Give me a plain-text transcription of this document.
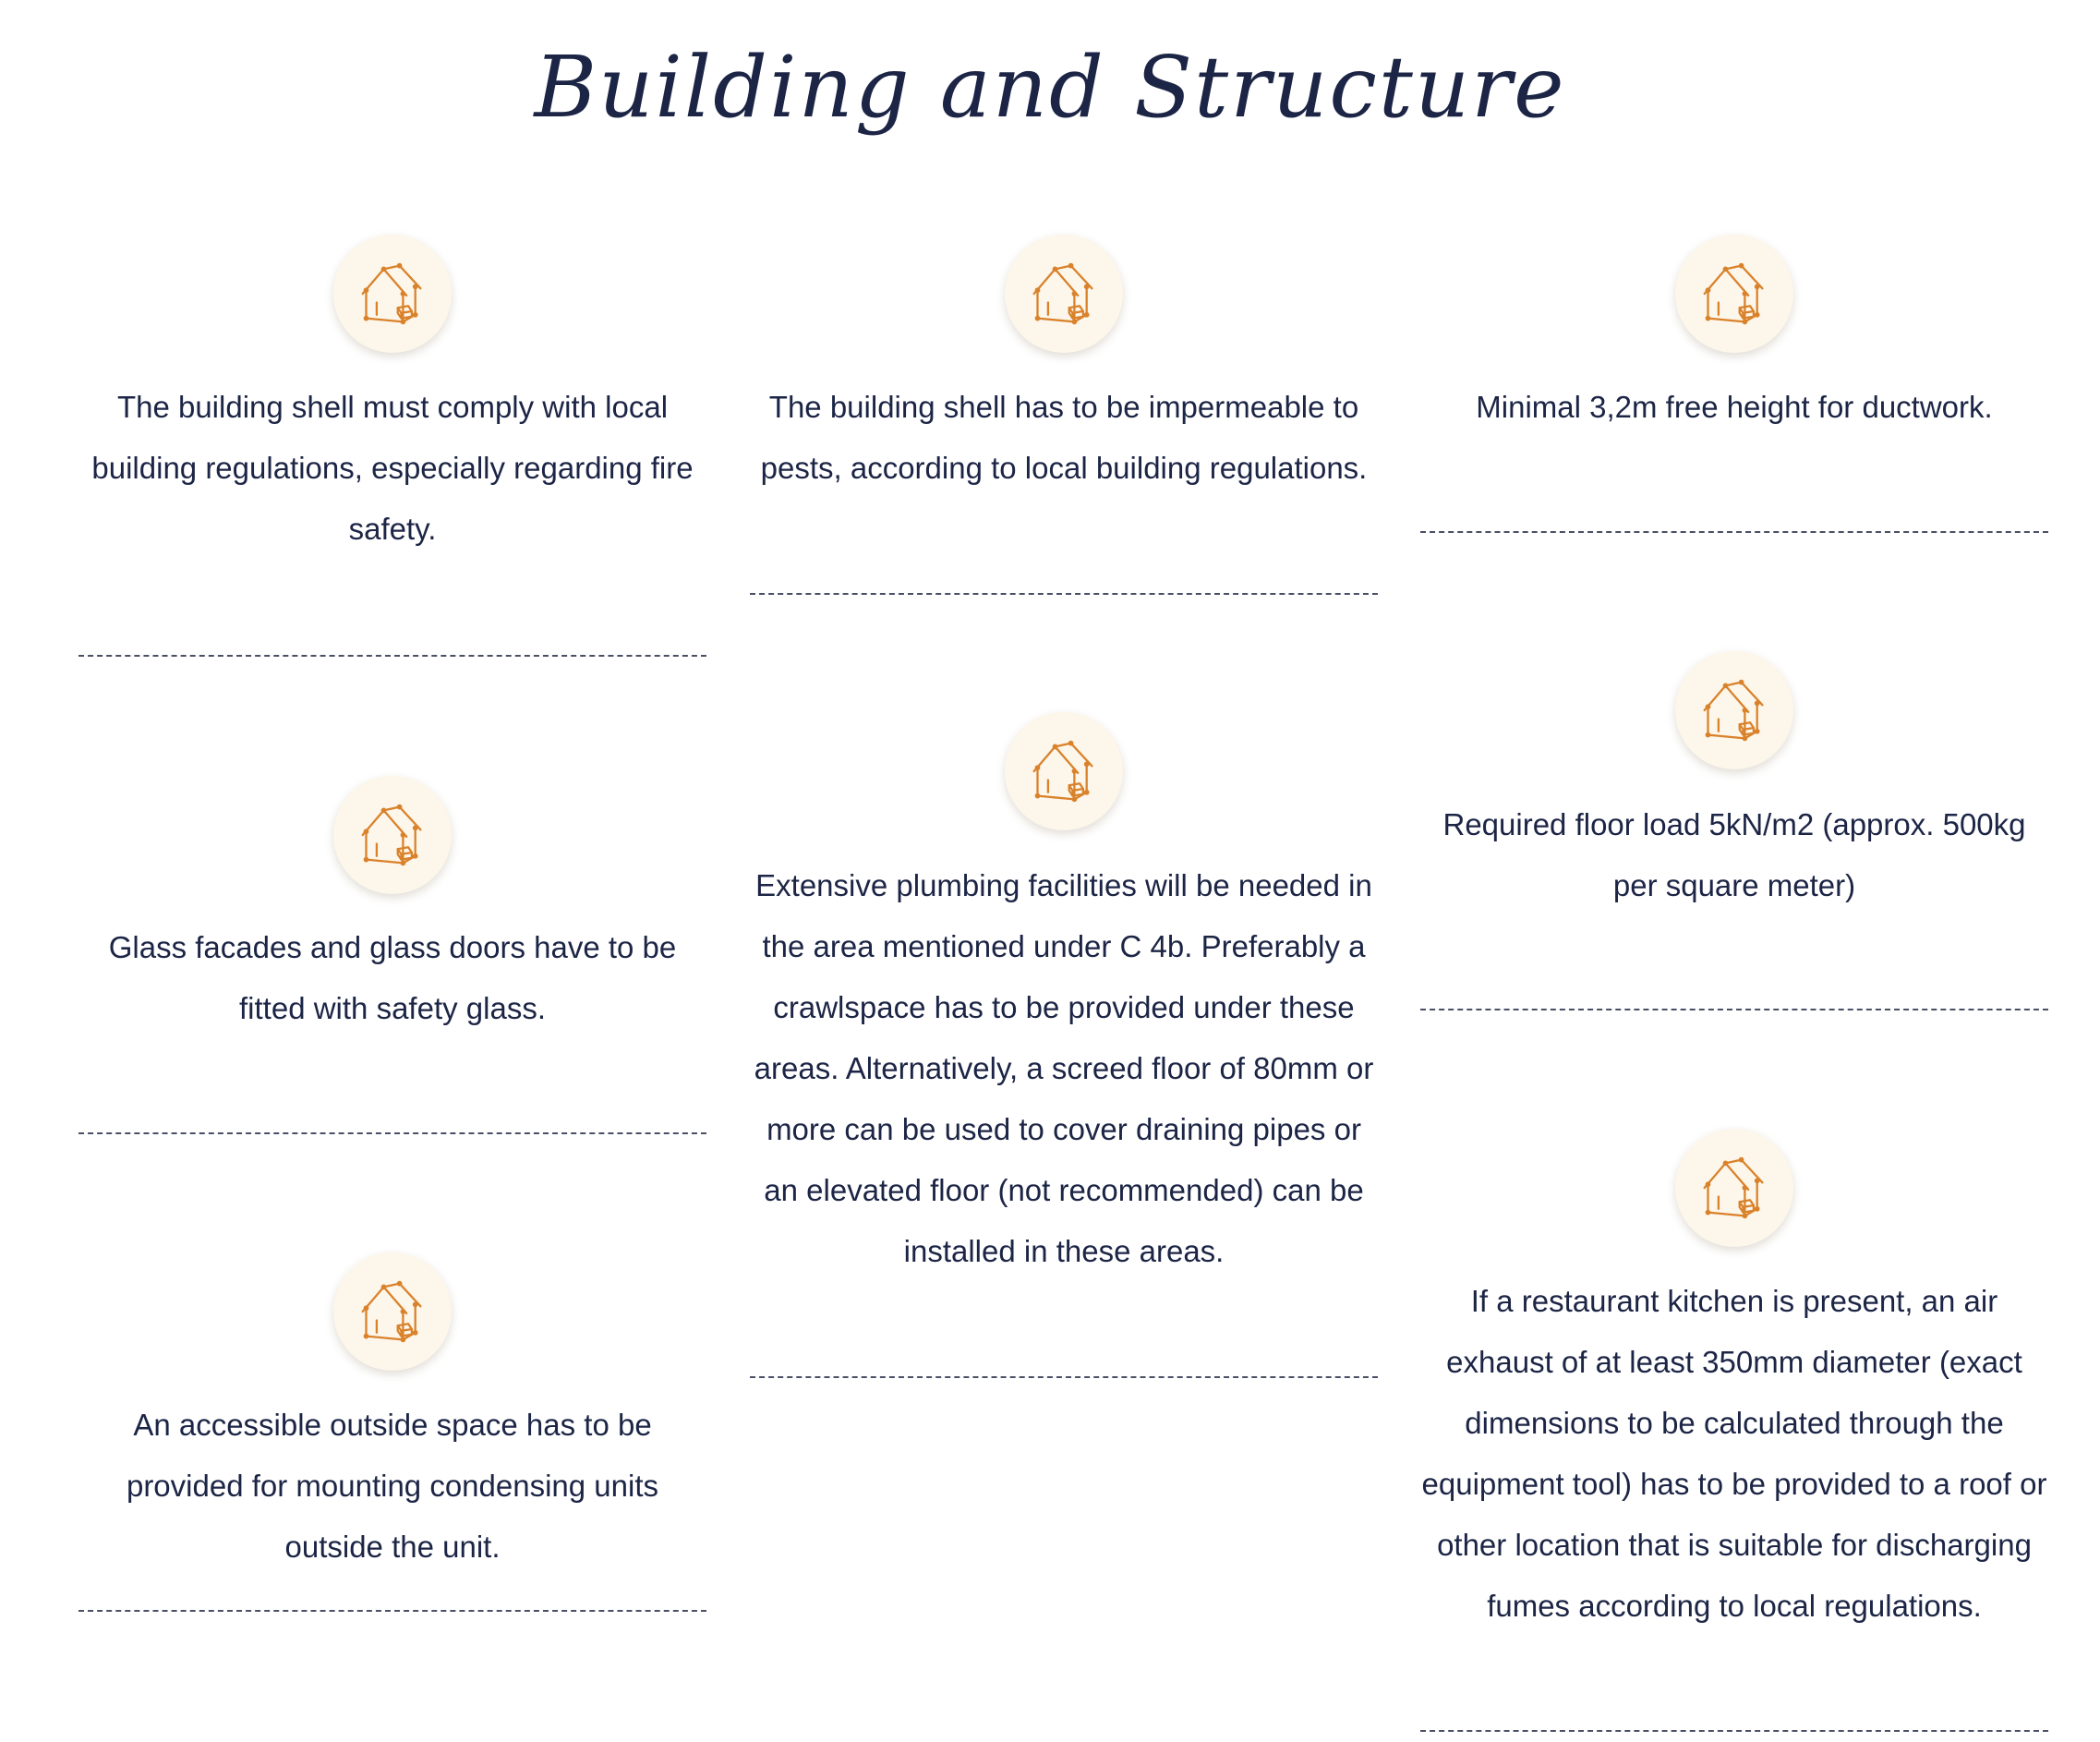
Building and Structure

The building shell must comply with local building regulations, especially regarding fire safety.

Glass facades and glass doors have to be fitted with safety glass.

An accessible outside space has to be provided for mounting condensing units outside the unit.

The building shell has to be impermeable to pests, according to local building regulations.

Extensive plumbing facilities will be needed in the area mentioned under C 4b. Preferably a crawlspace has to be provided under these areas. Alternatively, a screed floor of 80mm or more can be used to cover draining pipes or an elevated floor (not recommended) can be installed in these areas.

Minimal 3,2m free height for ductwork.

Required floor load 5kN/m2 (approx. 500kg per square meter)

If a restaurant kitchen is present, an air exhaust of at least 350mm diameter (exact dimensions to be calculated through the equipment tool) has to be provided to a roof or other location that is suitable for discharging fumes according to local regulations.
